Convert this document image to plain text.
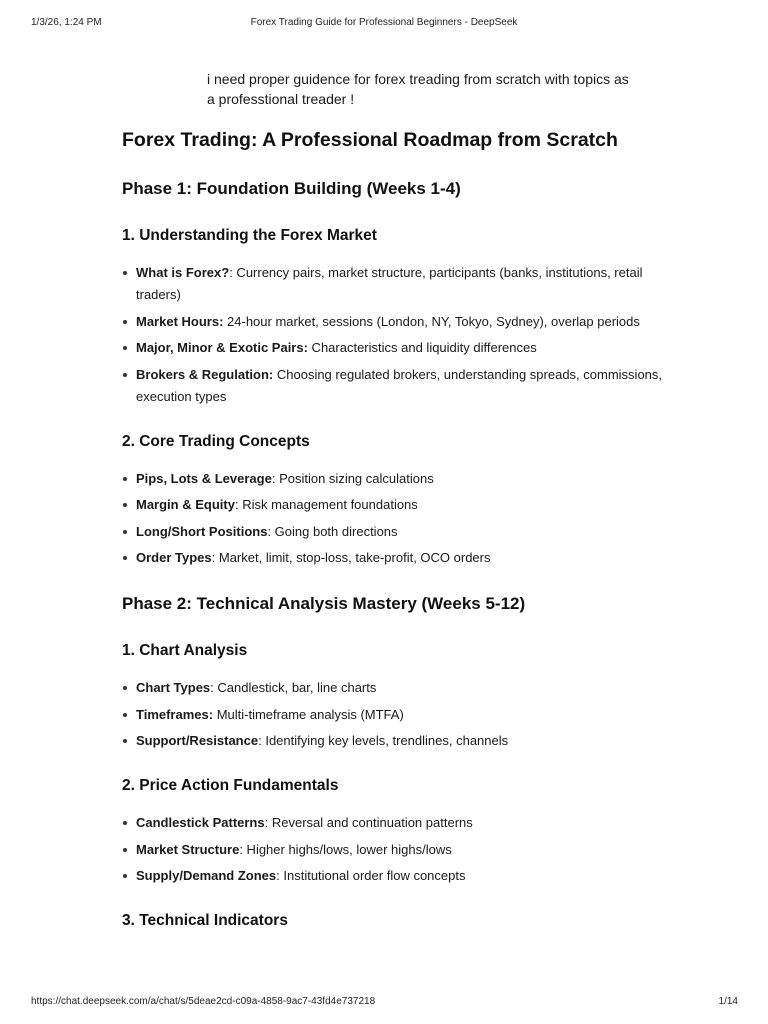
1/3/26, 1:24 PM	Forex Trading Guide for Professional Beginners - DeepSeek
i need proper guidence for forex treading from scratch with topics as a professtional treader !
Forex Trading: A Professional Roadmap from Scratch
Phase 1: Foundation Building (Weeks 1-4)
1. Understanding the Forex Market
What is Forex?: Currency pairs, market structure, participants (banks, institutions, retail traders)
Market Hours: 24-hour market, sessions (London, NY, Tokyo, Sydney), overlap periods
Major, Minor & Exotic Pairs: Characteristics and liquidity differences
Brokers & Regulation: Choosing regulated brokers, understanding spreads, commissions, execution types
2. Core Trading Concepts
Pips, Lots & Leverage: Position sizing calculations
Margin & Equity: Risk management foundations
Long/Short Positions: Going both directions
Order Types: Market, limit, stop-loss, take-profit, OCO orders
Phase 2: Technical Analysis Mastery (Weeks 5-12)
1. Chart Analysis
Chart Types: Candlestick, bar, line charts
Timeframes: Multi-timeframe analysis (MTFA)
Support/Resistance: Identifying key levels, trendlines, channels
2. Price Action Fundamentals
Candlestick Patterns: Reversal and continuation patterns
Market Structure: Higher highs/lows, lower highs/lows
Supply/Demand Zones: Institutional order flow concepts
3. Technical Indicators
https://chat.deepseek.com/a/chat/s/5deae2cd-c09a-4858-9ac7-43fd4e737218	1/14
